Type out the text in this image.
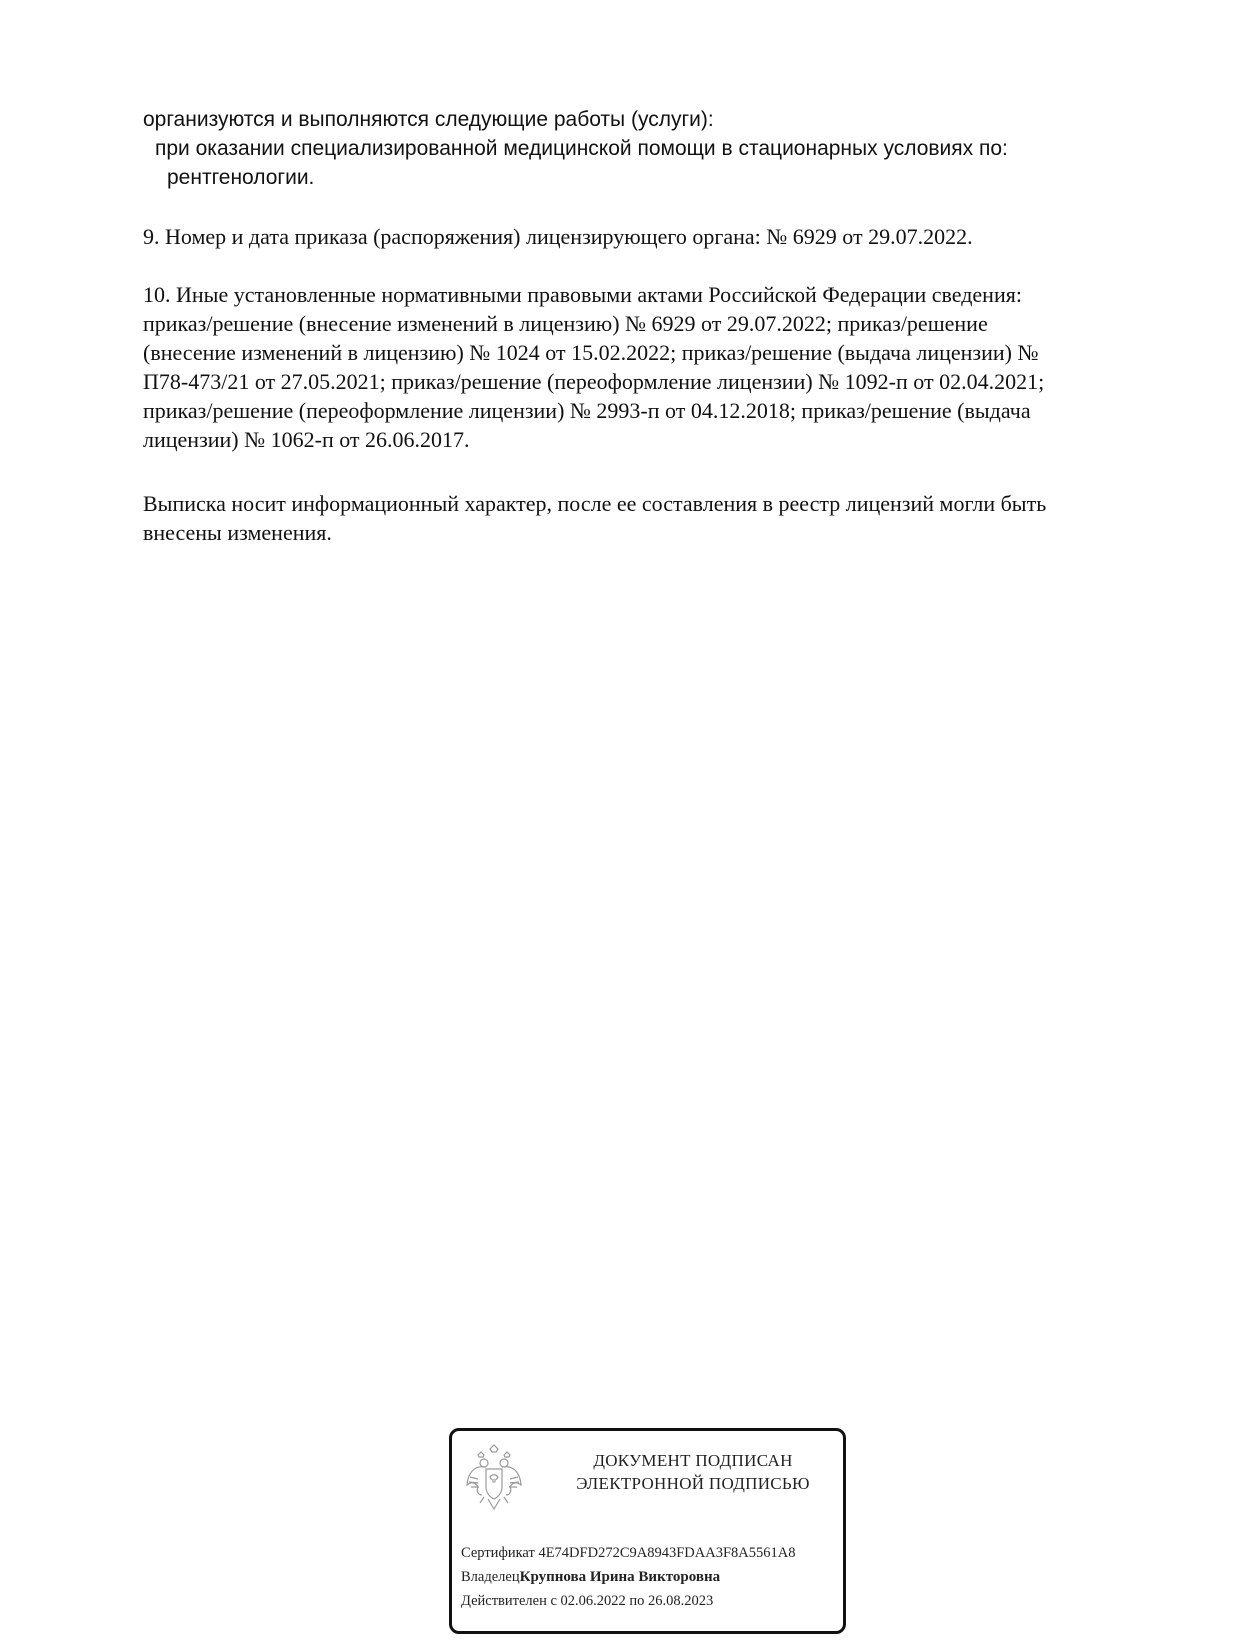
организуются и выполняются следующие работы (услуги):
при оказании специализированной медицинской помощи в стационарных условиях по:
рентгенологии.
9. Номер и дата приказа (распоряжения) лицензирующего органа: № 6929 от 29.07.2022.
10. Иные установленные нормативными правовыми актами Российской Федерации сведения:
приказ/решение (внесение изменений в лицензию) № 6929 от 29.07.2022; приказ/решение
(внесение изменений в лицензию) № 1024 от 15.02.2022; приказ/решение (выдача лицензии) №
П78-473/21 от 27.05.2021; приказ/решение (переоформление лицензии) № 1092-п от 02.04.2021;
приказ/решение (переоформление лицензии) № 2993-п от 04.12.2018; приказ/решение (выдача
лицензии) № 1062-п от 26.06.2017.
Выписка носит информационный характер, после ее составления в реестр лицензий могли быть
внесены изменения.
ДОКУМЕНТ ПОДПИСАН
ЭЛЕКТРОННОЙ ПОДПИСЬЮ
Сертификат 4E74DFD272C9A8943FDAA3F8A5561A8
ВладелецКрупнова Ирина Викторовна
Действителен с 02.06.2022 по 26.08.2023
